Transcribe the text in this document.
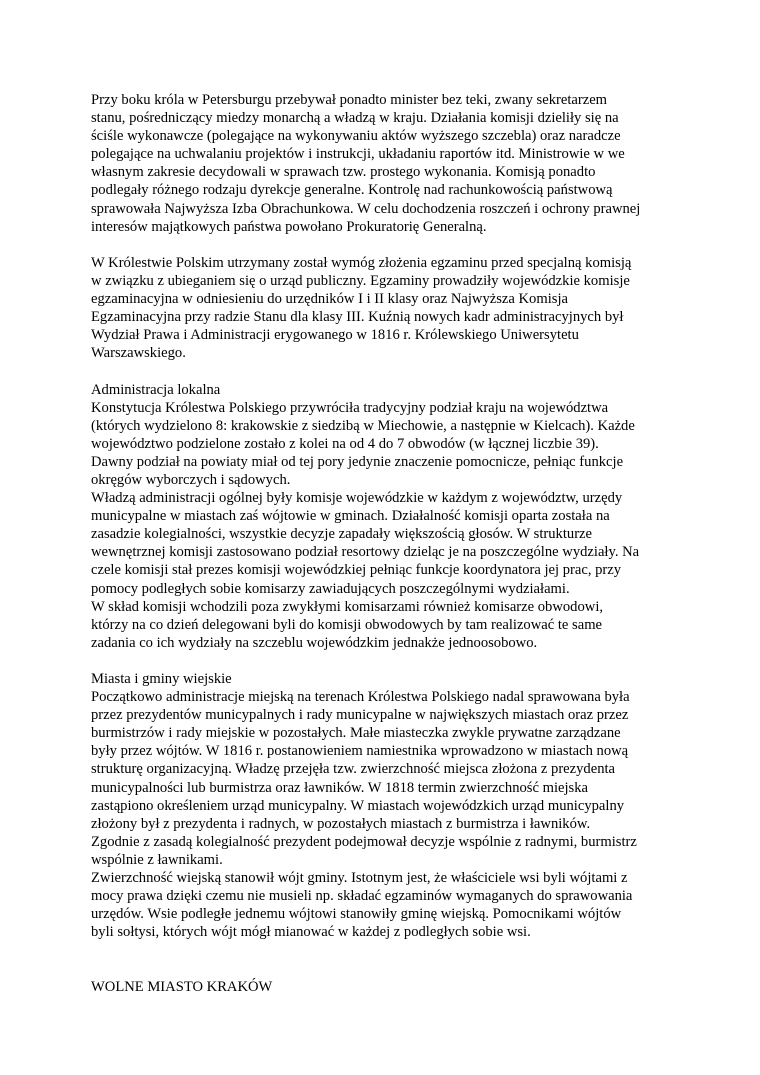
Przy boku króla w Petersburgu przebywał ponadto minister bez teki, zwany sekretarzem
stanu, pośredniczący miedzy monarchą a władzą w kraju. Działania komisji dzieliły się na
ściśle wykonawcze (polegające na wykonywaniu aktów wyższego szczebla) oraz naradcze
polegające na uchwalaniu projektów i instrukcji, układaniu raportów itd. Ministrowie w we
własnym zakresie decydowali w sprawach tzw. prostego wykonania. Komisją ponadto
podlegały różnego rodzaju dyrekcje generalne. Kontrolę nad rachunkowością państwową
sprawowała Najwyższa Izba Obrachunkowa. W celu dochodzenia roszczeń i ochrony prawnej
interesów majątkowych państwa powołano Prokuratorię Generalną.

W Królestwie Polskim utrzymany został wymóg złożenia egzaminu przed specjalną komisją
w związku z ubieganiem się o urząd publiczny. Egzaminy prowadziły wojewódzkie komisje
egzaminacyjna w odniesieniu do urzędników I i II klasy oraz Najwyższa Komisja
Egzaminacyjna przy radzie Stanu dla klasy III. Kuźnią nowych kadr administracyjnych był
Wydział Prawa i Administracji erygowanego w 1816 r. Królewskiego Uniwersytetu
Warszawskiego.

Administracja lokalna

Konstytucja Królestwa Polskiego przywróciła tradycyjny podział kraju na województwa
(których wydzielono 8: krakowskie z siedzibą w Miechowie, a następnie w Kielcach). Każde
województwo podzielone zostało z kolei na od 4 do 7 obwodów (w łącznej liczbie 39).
Dawny podział na powiaty miał od tej pory jedynie znaczenie pomocnicze, pełniąc funkcje
okręgów wyborczych i sądowych.

Władzą administracji ogólnej były komisje wojewódzkie w każdym z województw, urzędy
municypalne w miastach zaś wójtowie w gminach. Działalność komisji oparta została na
zasadzie kolegialności, wszystkie decyzje zapadały większością głosów. W strukturze
wewnętrznej komisji zastosowano podział resortowy dzieląc je na poszczególne wydziały. Na
czele komisji stał prezes komisji wojewódzkiej pełniąc funkcje koordynatora jej prac, przy
pomocy podległych sobie komisarzy zawiadujących poszczególnymi wydziałami.

W skład komisji wchodzili poza zwykłymi komisarzami również komisarze obwodowi,
którzy na co dzień delegowani byli do komisji obwodowych by tam realizować te same
zadania co ich wydziały na szczeblu wojewódzkim jednakże jednoosobowo.

Miasta i gminy wiejskie

Początkowo administracje miejską na terenach Królestwa Polskiego nadal sprawowana była
przez prezydentów municypalnych i rady municypalne w największych miastach oraz przez
burmistrzów i rady miejskie w pozostałych. Małe miasteczka zwykle prywatne zarządzane
były przez wójtów. W 1816 r. postanowieniem namiestnika wprowadzono w miastach nową
strukturę organizacyjną. Władzę przejęła tzw. zwierzchność miejsca złożona z prezydenta
municypalności lub burmistrza oraz ławników. W 1818 termin zwierzchność miejska
zastąpiono określeniem urząd municypalny. W miastach wojewódzkich urząd municypalny
złożony był z prezydenta i radnych, w pozostałych miastach z burmistrza i ławników.
Zgodnie z zasadą kolegialność prezydent podejmował decyzje wspólnie z radnymi, burmistrz
wspólnie z ławnikami.

Zwierzchność wiejską stanowił wójt gminy. Istotnym jest, że właściciele wsi byli wójtami z
mocy prawa dzięki czemu nie musieli np. składać egzaminów wymaganych do sprawowania
urzędów. Wsie podległe jednemu wójtowi stanowiły gminę wiejską. Pomocnikami wójtów
byli sołtysi, których wójt mógł mianować w każdej z podległych sobie wsi.

WOLNE MIASTO KRAKÓW
